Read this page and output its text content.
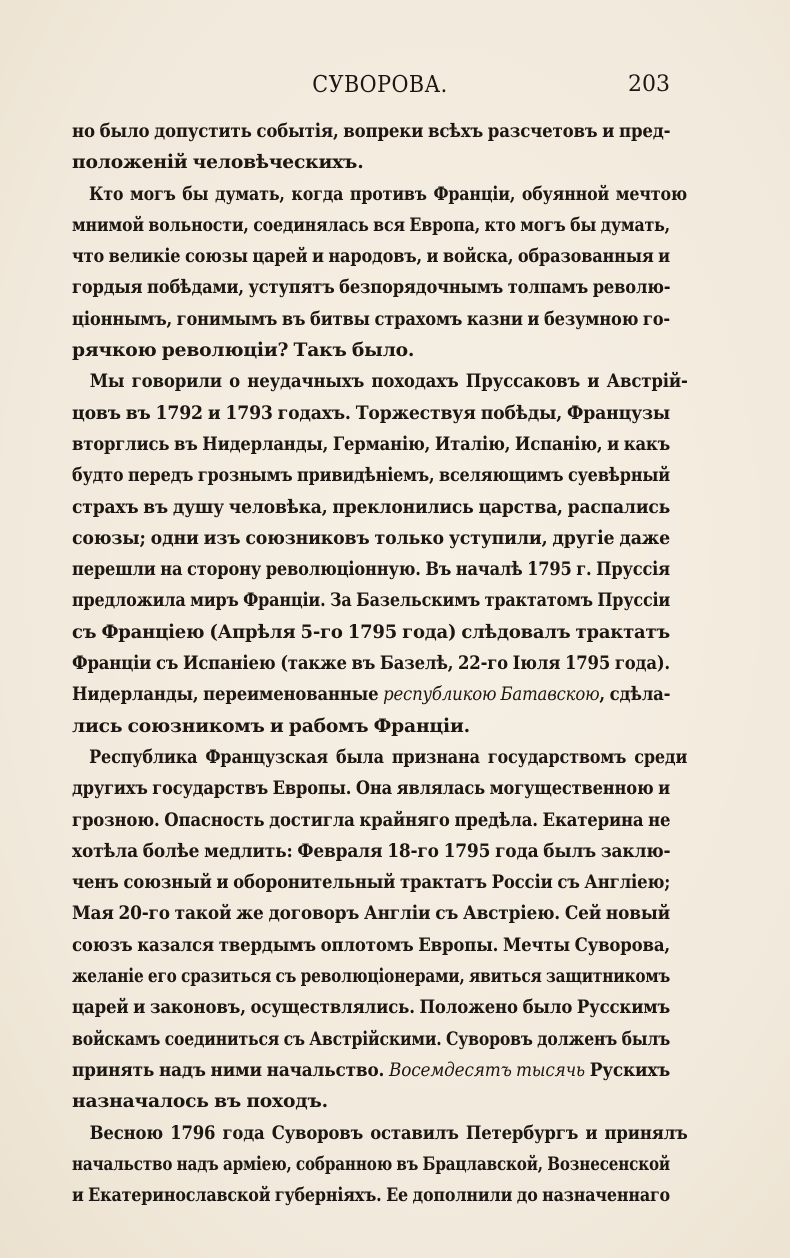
СУВОРОВА.	203
но было допустить событія, вопреки всѣхъ разсчетовъ и пред-
положеній человѣческихъ.
Кто могъ бы думать, когда противъ Франціи, обуянной мечтою
мнимой вольности, соединялась вся Европа, кто могъ бы думать,
что великіе союзы царей и народовъ, и войска, образованныя и
гордыя побѣдами, уступятъ безпорядочнымъ толпамъ револю-
ціоннымъ, гонимымъ въ битвы страхомъ казни и безумною го-
рячкою революціи? Такъ было.
Мы говорили о неудачныхъ походахъ Пруссаковъ и Австрій-
цовъ въ 1792 и 1793 годахъ. Торжествуя побѣды, Французы
вторглись въ Нидерланды, Германію, Италію, Испанію, и какъ
будто передъ грознымъ привидѣніемъ, вселяющимъ суевѣрный
страхъ въ душу человѣка, преклонились царства, распались
союзы; одни изъ союзниковъ только уступили, другіе даже
перешли на сторону революціонную. Въ началѣ 1795 г. Пруссія
предложила миръ Франціи. За Базельскимъ трактатомъ Пруссіи
съ Франціею (Апрѣля 5-го 1795 года) слѣдовалъ трактатъ
Франціи съ Испаніею (также въ Базелѣ, 22-го Іюля 1795 года).
Нидерланды, переименованные республикою Батавскою, сдѣла-
лись союзникомъ и рабомъ Франціи.
Республика Французская была признана государствомъ среди
другихъ государствъ Европы. Она являлась могущественною и
грозною. Опасность достигла крайняго предѣла. Екатерина не
хотѣла болѣе медлить: Февраля 18-го 1795 года былъ заклю-
ченъ союзный и оборонительный трактатъ Россіи съ Англіею;
Мая 20-го такой же договоръ Англіи съ Австріею. Сей новый
союзъ казался твердымъ оплотомъ Европы. Мечты Суворова,
желаніе его сразиться съ революціонерами, явиться защитникомъ
царей и законовъ, осуществлялись. Положено было Русскимъ
войскамъ соединиться съ Австрійскими. Суворовъ долженъ былъ
принять надъ ними начальство. Восемдесятъ тысячь Рускихъ
назначалось въ походъ.
Весною 1796 года Суворовъ оставилъ Петербургъ и принялъ
начальство надъ арміею, собранною въ Брацлавской, Вознесенской
и Екатеринославской губерніяхъ. Ее дополнили до назначеннаго
